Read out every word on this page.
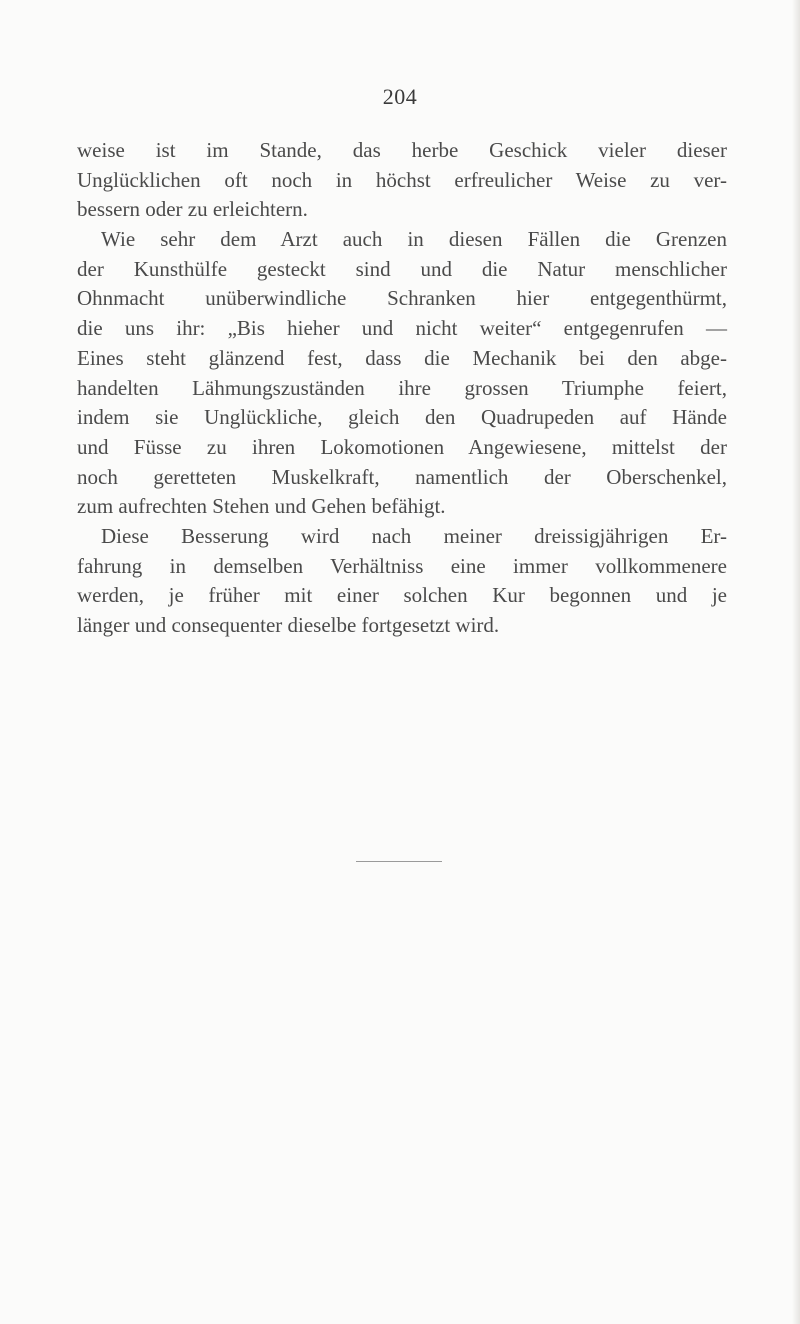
204
weise ist im Stande, das herbe Geschick vieler dieser
Unglücklichen oft noch in höchst erfreulicher Weise zu ver-
bessern oder zu erleichtern.
Wie sehr dem Arzt auch in diesen Fällen die Grenzen
der Kunsthülfe gesteckt sind und die Natur menschlicher
Ohnmacht unüberwindliche Schranken hier entgegenthürmt,
die uns ihr: „Bis hieher und nicht weiter“ entgegenrufen —
Eines steht glänzend fest, dass die Mechanik bei den abge-
handelten Lähmungszuständen ihre grossen Triumphe feiert,
indem sie Unglückliche, gleich den Quadrupeden auf Hände
und Füsse zu ihren Lokomotionen Angewiesene, mittelst der
noch geretteten Muskelkraft, namentlich der Oberschenkel,
zum aufrechten Stehen und Gehen befähigt.
Diese Besserung wird nach meiner dreissigjährigen Er-
fahrung in demselben Verhältniss eine immer vollkommenere
werden, je früher mit einer solchen Kur begonnen und je
länger und consequenter dieselbe fortgesetzt wird.
